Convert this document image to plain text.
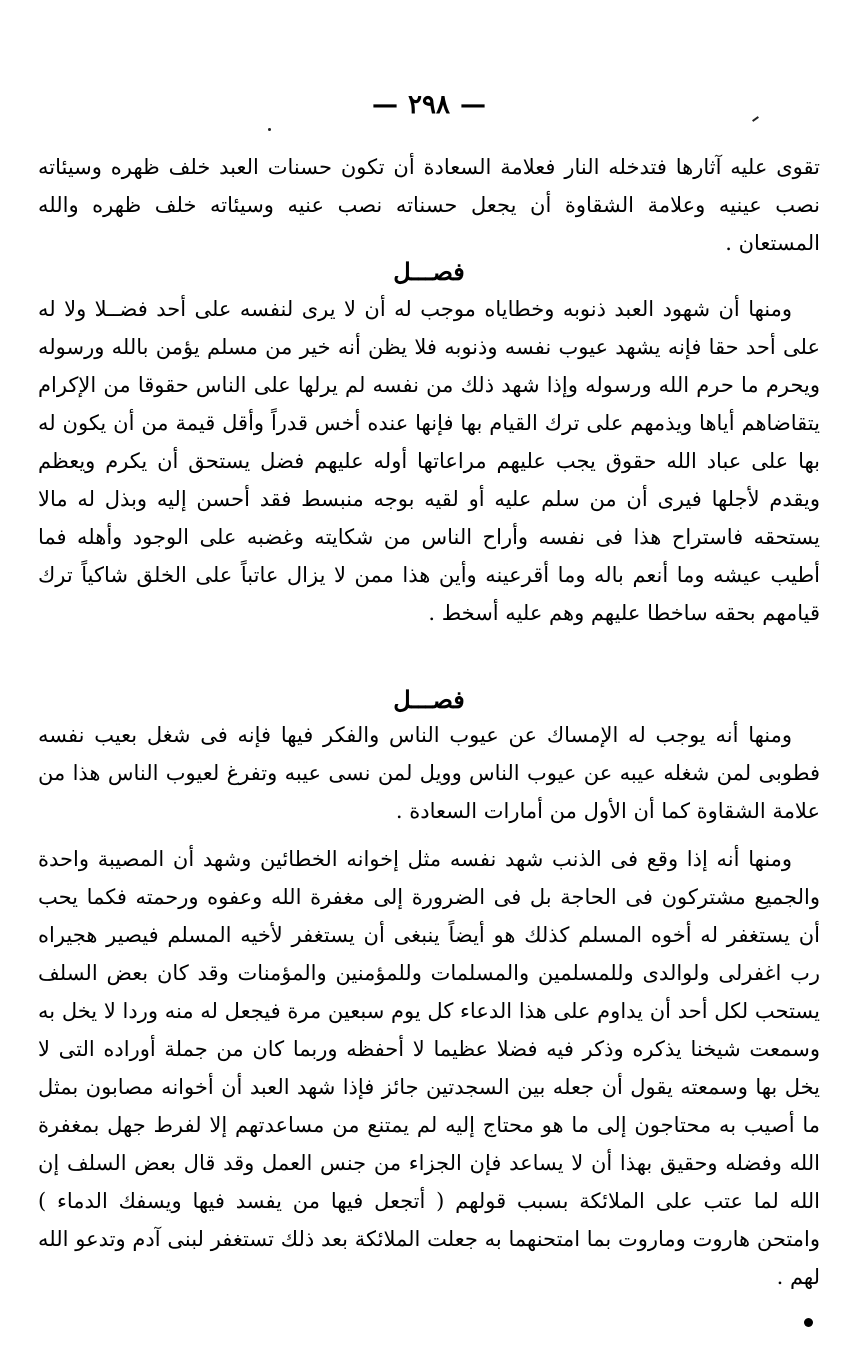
—٢٩٨—

تقوى عليه آثارها فتدخله النار فعلامة السعادة أن تكون حسنات العبد خلف ظهره وسيئاته نصب عينيه وعلامة الشقاوة أن يجعل حسناته نصب عنيه وسيئاته خلف ظهره والله المستعان .

فصـــل

ومنها أن شهود العبد ذنوبه وخطاياه موجب له أن لا يرى لنفسه على أحد فضــلا ولا له على أحد حقا فإنه يشهد عيوب نفسه وذنوبه فلا يظن أنه خير من مسلم يؤمن بالله ورسوله ويحرم ما حرم الله ورسوله وإذا شهد ذلك من نفسه لم يرلها على الناس حقوقا من الإكرام يتقاضاهم أياها ويذمهم على ترك القيام بها فإنها عنده أخس قدراً وأقل قيمة من أن يكون له بها على عباد الله حقوق يجب عليهم مراعاتها أوله عليهم فضل يستحق أن يكرم ويعظم ويقدم لأجلها فيرى أن من سلم عليه أو لقيه بوجه منبسط فقد أحسن إليه وبذل له مالا يستحقه فاستراح هذا فى نفسه وأراح الناس من شكايته وغضبه على الوجود وأهله فما أطيب عيشه وما أنعم باله وما أقرعينه وأين هذا ممن لا يزال عاتباً على الخلق شاكياً ترك قيامهم بحقه ساخطا عليهم وهم عليه أسخط .

فصـــل

ومنها أنه يوجب له الإمساك عن عيوب الناس والفكر فيها فإنه فى شغل بعيب نفسه فطوبى لمن شغله عيبه عن عيوب الناس وويل لمن نسى عيبه وتفرغ لعيوب الناس هذا من علامة الشقاوة كما أن الأول من أمارات السعادة .

ومنها أنه إذا وقع فى الذنب شهد نفسه مثل إخوانه الخطائين وشهد أن المصيبة واحدة والجميع مشتركون فى الحاجة بل فى الضرورة إلى مغفرة الله وعفوه ورحمته فكما يحب أن يستغفر له أخوه المسلم كذلك هو أيضاً ينبغى أن يستغفر لأخيه المسلم فيصير هجيراه رب اغفرلى ولوالدى وللمسلمين والمسلمات وللمؤمنين والمؤمنات وقد كان بعض السلف يستحب لكل أحد أن يداوم على هذا الدعاء كل يوم سبعين مرة فيجعل له منه وردا لا يخل به وسمعت شيخنا يذكره وذكر فيه فضلا عظيما لا أحفظه وربما كان من جملة أوراده التى لا يخل بها وسمعته يقول أن جعله بين السجدتين جائز فإذا شهد العبد أن أخوانه مصابون بمثل ما أصيب به محتاجون إلى ما هو محتاج إليه لم يمتنع من مساعدتهم إلا لفرط جهل بمغفرة الله وفضله وحقيق بهذا أن لا يساعد فإن الجزاء من جنس العمل وقد قال بعض السلف إن الله لما عتب على الملائكة بسبب قولهم ( أتجعل فيها من يفسد فيها ويسفك الدماء ) وامتحن هاروت وماروت بما امتحنهما به جعلت الملائكة بعد ذلك تستغفر لبنى آدم وتدعو الله لهم .
